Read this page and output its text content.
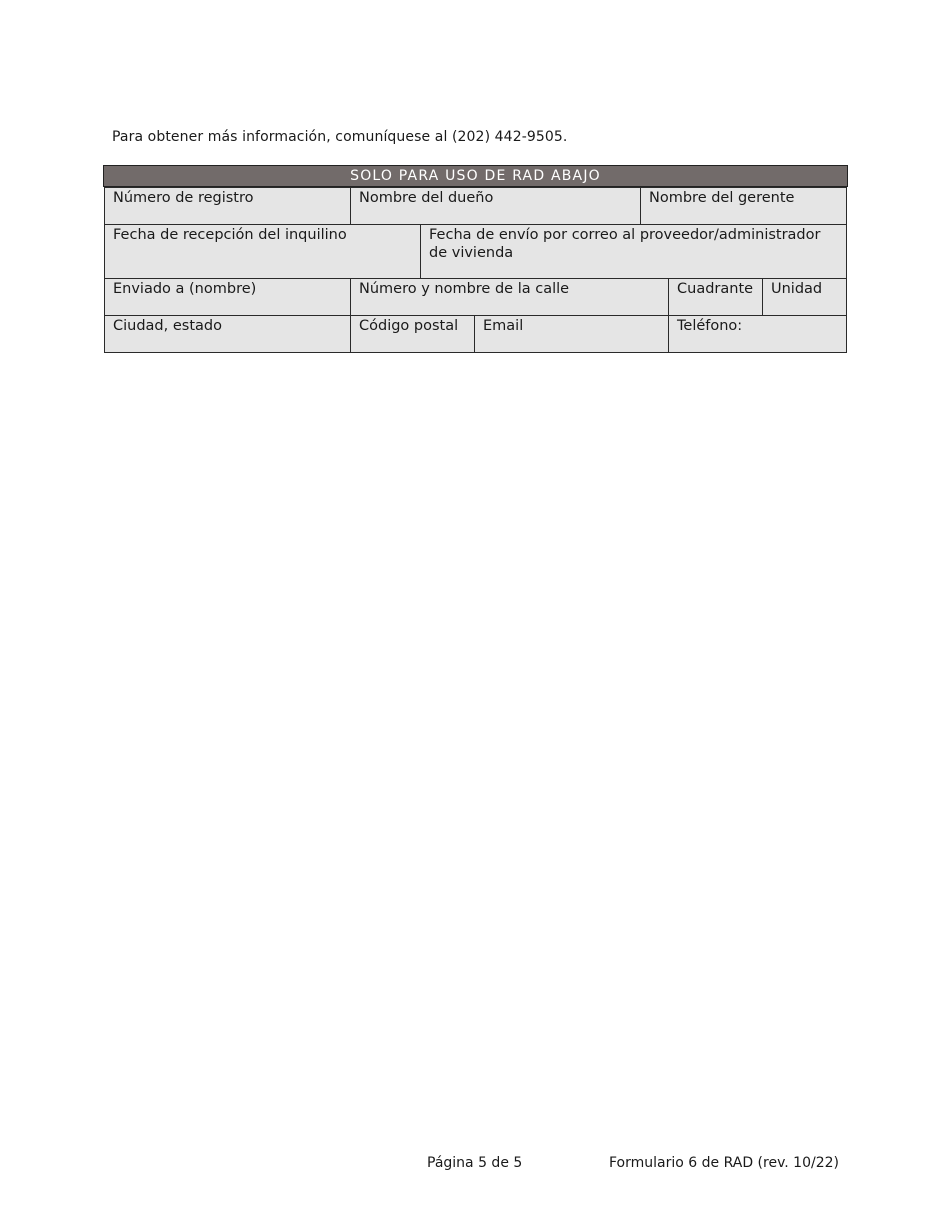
Para obtener más información, comuníquese al (202) 442-9505.
SOLO PARA USO DE RAD ABAJO
Número de registro	Nombre del dueño			Nombre del gerente		
Fecha de recepción del inquilino		Fecha de envío por correo al proveedor/administrador de vivienda				
Enviado a (nombre)	Número y nombre de la calle				Cuadrante	Unidad
Ciudad, estado	Código postal		Email		Teléfono:	
Página 5 de 5	Formulario 6 de RAD (rev. 10/22)
